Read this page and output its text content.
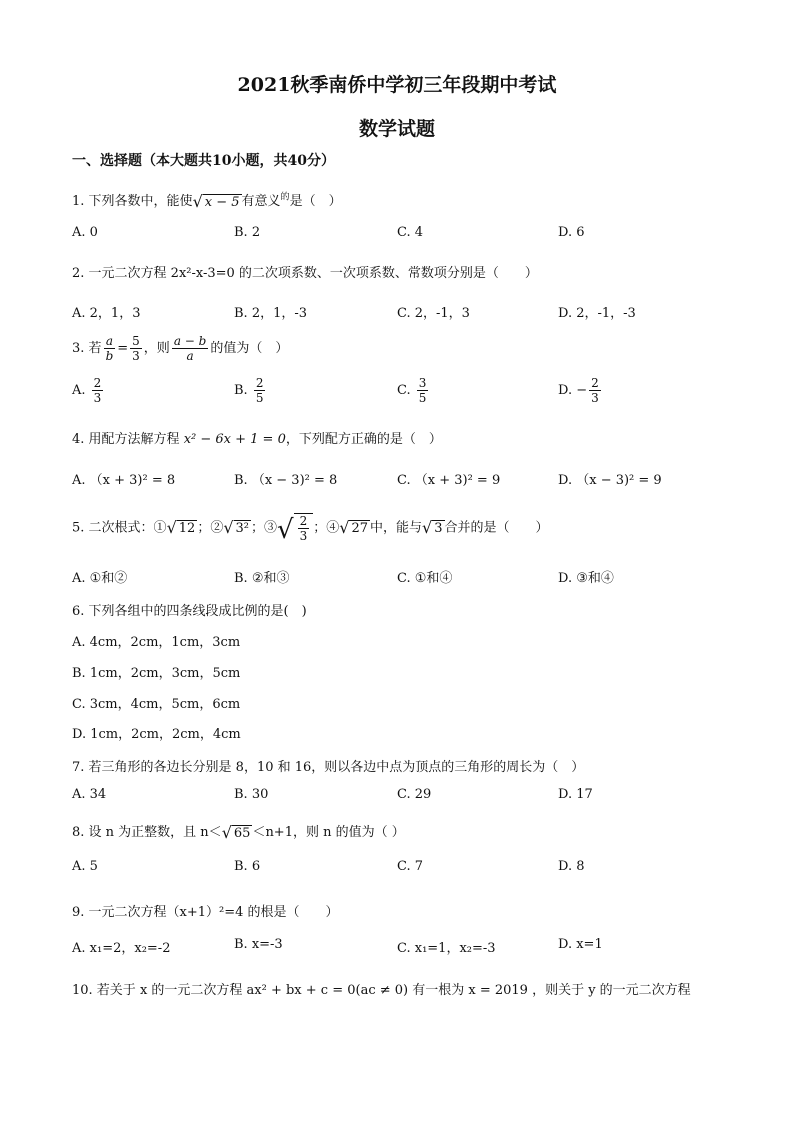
2021秋季南侨中学初三年段期中考试
数学试题
一、选择题（本大题共10小题，共40分）
1. 下列各数中，能使 √ x − 5 有意义$^的$是（　）
A. 0	B. 2	C. 4	D. 6
2. 一元二次方程 2x²-x-3=0 的二次项系数、一次项系数、常数项分别是（　　）
A. 2，1，3	B. 2，1，-3	C. 2，-1，3	D. 2，-1，-3
3. 若 $\frac{a}{b} = \frac{5}{3}$ ，则 $\frac{a - b}{a}$ 的值为（　）
A. $\frac{2}{3}$	B. $\frac{2}{5}$	C. $\frac{3}{5}$	D. − $\frac{2}{3}$
4. 用配方法解方程 x² − 6x + 1 = 0，下列配方正确的是（　）
A. （x + 3)² = 8	B. （x − 3)² = 8	C. （x + 3)² = 9	D. （x − 3)² = 9
5. 二次根式：① √ 12 ；② √ 3² ；③ √ $\frac{2}{3}$ ；④ √ 27 中，能与 √ 3 合并的是（　　）
A. ①和②	B. ②和③	C. ①和④	D. ③和④
6. 下列各组中的四条线段成比例的是(　)
A. 4cm，2cm，1cm，3cm
B. 1cm，2cm，3cm，5cm
C. 3cm，4cm，5cm，6cm
D. 1cm，2cm，2cm，4cm
7. 若三角形的各边长分别是 8，10 和 16，则以各边中点为顶点的三角形的周长为（　）
A. 34	B. 30	C. 29	D. 17
8. 设 n 为正整数，且 n＜ √ 65 ＜n+1，则 n 的值为（ ）
A. 5	B. 6	C. 7	D. 8
9. 一元二次方程（x+1）²=4 的根是（　　）
A. x₁=2，x₂=-2	B. x=-3	C. x₁=1，x₂=-3	D. x=1
10. 若关于 x 的一元二次方程 ax² + bx + c = 0(ac ≠ 0) 有一根为 x = 2019 ，则关于 y 的一元二次方程
